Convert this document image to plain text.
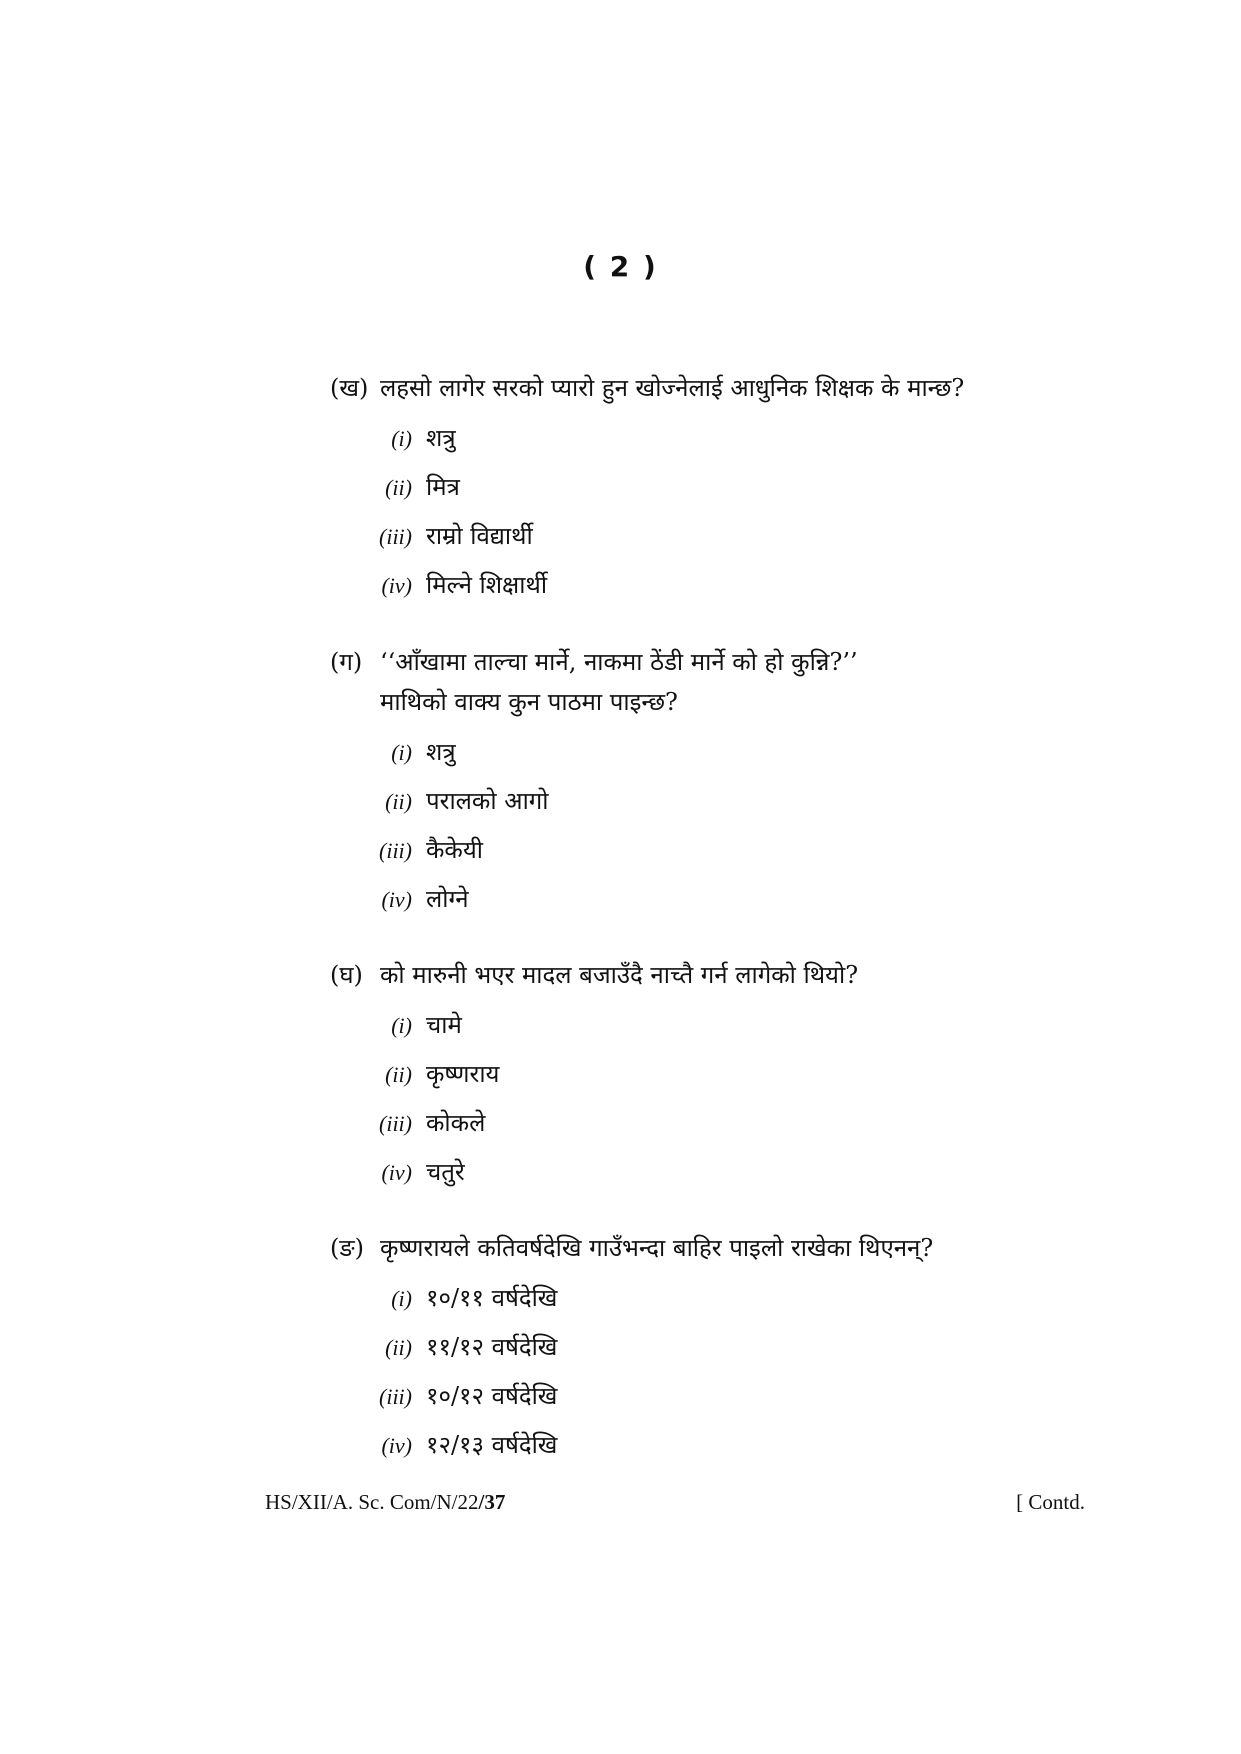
( 2 )
(ख) लहसो लागेर सरको प्यारो हुन खोज्नेलाई आधुनिक शिक्षक के मान्छ?
(i) शत्रु
(ii) मित्र
(iii) राम्रो विद्यार्थी
(iv) मिल्ने शिक्षार्थी
(ग) ‘‘आँखामा ताल्चा मार्ने, नाकमा ठेंडी मार्ने को हो कुन्नि?’’
माथिको वाक्य कुन पाठमा पाइन्छ?
(i) शत्रु
(ii) परालको आगो
(iii) कैकेयी
(iv) लोग्ने
(घ) को मारुनी भएर मादल बजाउँदै नाच्तै गर्न लागेको थियो?
(i) चामे
(ii) कृष्णराय
(iii) कोकले
(iv) चतुरे
(ङ) कृष्णरायले कतिवर्षदेखि गाउँभन्दा बाहिर पाइलो राखेका थिएनन्?
(i) १०/११ वर्षदेखि
(ii) ११/१२ वर्षदेखि
(iii) १०/१२ वर्षदेखि
(iv) १२/१३ वर्षदेखि
HS/XII/A. Sc. Com/N/22/37	[ Contd.
